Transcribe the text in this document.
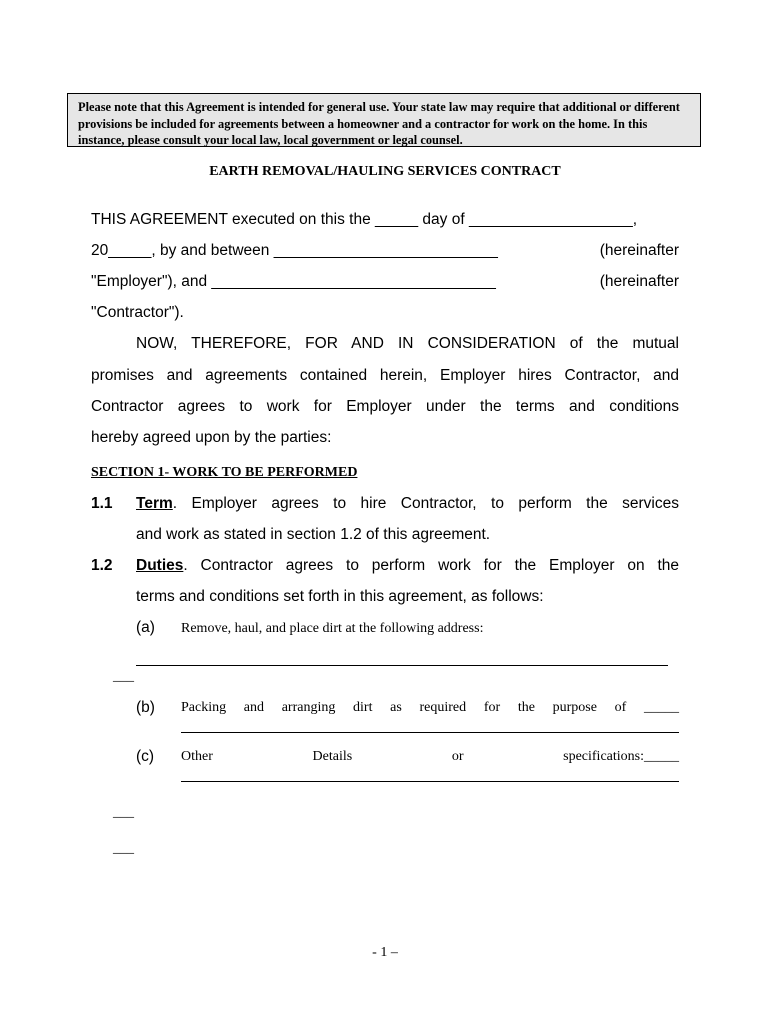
Please note that this Agreement is intended for general use. Your state law may require that additional or different provisions be included for agreements between a homeowner and a contractor for work on the home. In this instance, please consult your local law, local government or legal counsel.
EARTH REMOVAL/HAULING SERVICES CONTRACT
THIS AGREEMENT executed on this the _____ day of ___________________,
20_____, by and between __________________________	(hereinafter
"Employer"), and _________________________________	(hereinafter
"Contractor").
NOW, THEREFORE, FOR AND IN CONSIDERATION of the mutual
promises and agreements contained herein, Employer hires Contractor, and
Contractor agrees to work for Employer under the terms and conditions
hereby agreed upon by the parties:
SECTION 1- WORK TO BE PERFORMED
1.1 Term. Employer agrees to hire Contractor, to perform the services
and work as stated in section 1.2 of this agreement.
1.2 Duties. Contractor agrees to perform work for the Employer on the
terms and conditions set forth in this agreement, as follows:
(a) Remove, haul, and place dirt at the following address:
___
(b) Packing and arranging dirt as required for the purpose of _____
(c) Other Details or specifications:_____
___
___
- 1 –
